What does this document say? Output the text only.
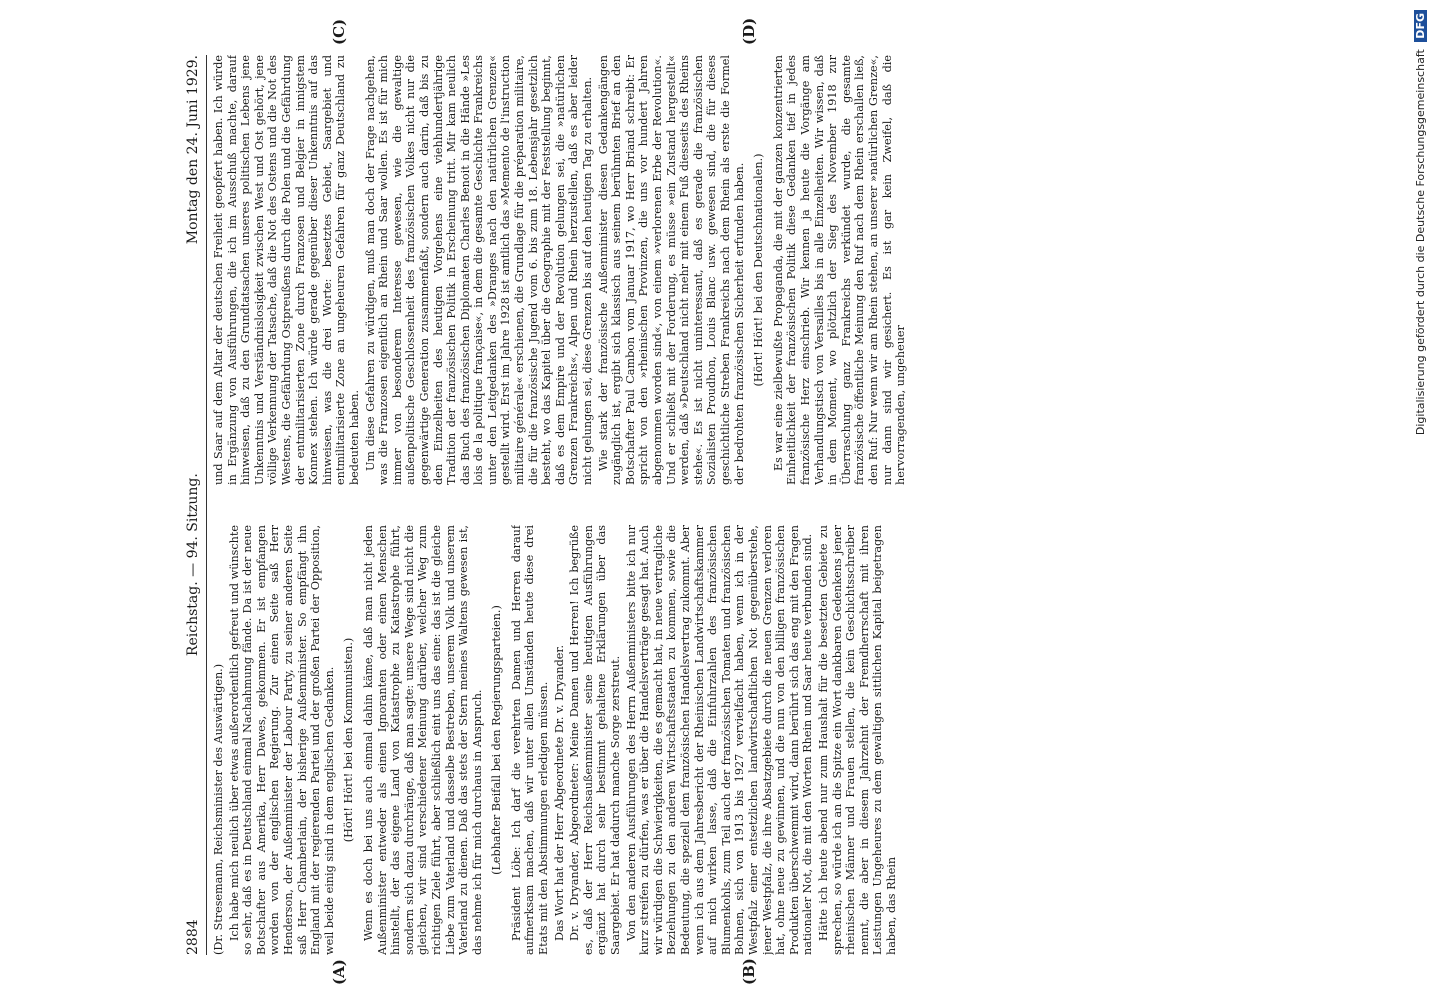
2884
Reichstag. — 94. Sitzung.
Montag den 24. Juni 1929.

(Dr. Stresemann, Reichsminister des Auswärtigen.) Ich habe mich neulich über etwas außerordentlich gefreut und wünschte so sehr, daß es in Deutschland einmal Nachahmung fände. Da ist der neue Botschafter aus Amerika, Herr Dawes, gekommen. Er ist empfangen worden von der englischen Regierung. Zur einen Seite saß Herr Henderson, der Außenminister der Labour Party, zu seiner anderen Seite saß Herr Chamberlain, der bisherige Außenminister. So empfängt ihn England mit der regierenden Partei und der großen Partei der Opposition, weil beide einig sind in dem englischen Gedanken. (Hört! Hört! bei den Kommunisten.) Wenn es doch bei uns auch einmal dahin käme, daß man nicht jeden Außenminister entweder als einen Ignoranten oder einen Menschen hinstellt, der das eigene Land von Katastrophe zu Katastrophe führt, sondern sich dazu durchränge, daß man sagte: unsere Wege sind nicht die gleichen, wir sind verschiedener Meinung darüber, welcher Weg zum richtigen Ziele führt, aber schließlich eint uns das eine: das ist die gleiche Liebe zum Vaterland und dasselbe Bestreben, unserem Volk und unserem Vaterland zu dienen. Daß das stets der Stern meines Waltens gewesen ist, das nehme ich für mich durchaus in Anspruch. (Lebhafter Beifall bei den Regierungsparteien.) Präsident Löbe: Ich darf die verehrten Damen und Herren darauf aufmerksam machen, daß wir unter allen Umständen heute diese drei Etats mit den Abstimmungen erledigen müssen. Das Wort hat der Herr Abgeordnete Dr. v. Dryander. Dr. v. Dryander, Abgeordneter: Meine Damen und Herren! Ich begrüße es, daß der Herr Reichsaußenminister seine heutigen Ausführungen ergänzt hat durch sehr bestimmt gehaltene Erklärungen über das Saargebiet. Er hat dadurch manche Sorge zerstreut. Von den anderen Ausführungen des Herrn Außenministers bitte ich nur kurz streifen zu dürfen, was er über die Handelsverträge gesagt hat. Auch wir würdigen die Schwierigkeiten, die es gemacht hat, in neue vertragliche Beziehungen zu den anderen Wirtschaftsstaaten zu kommen, sowie die Bedeutung, die speziell dem französischen Handelsvertrag zukommt. Aber wenn ich aus dem Jahresbericht der Rheinischen Landwirtschaftskammer auf mich wirken lasse, daß die Einfuhrzahlen des französischen Blumenkohls, zum Teil auch der französischen Tomaten und französischen Bohnen, sich von 1913 bis 1927 vervielfacht haben, wenn ich in der Westpfalz einer entsetzlichen landwirtschaftlichen Not gegenüberstehe, jener Westpfalz, die ihre Absatzgebiete durch die neuen Grenzen verloren hat, ohne neue zu gewinnen, und die nun von den billigen französischen Produkten überschwemmt wird, dann berührt sich das eng mit den Fragen nationaler Not, die mit den Worten Rhein und Saar heute verbunden sind. Hätte ich heute abend nur zum Haushalt für die besetzten Gebiete zu sprechen, so würde ich an die Spitze ein Wort dankbaren Gedenkens jener rheinischen Männer und Frauen stellen, die kein Geschichtsschreiber nennt, die aber in diesem Jahrzehnt der Fremdherrschaft mit ihren Leistungen Ungeheures zu dem gewaltigen sittlichen Kapital beigetragen haben, das Rhein

und Saar auf dem Altar der deutschen Freiheit geopfert haben. Ich würde in Ergänzung von Ausführungen, die ich im Ausschuß machte, darauf hinweisen, daß zu den Grundtatsachen unseres politischen Lebens jene Unkenntnis und Verständnislosigkeit zwischen West und Ost gehört, jene völlige Verkennung der Tatsache, daß die Not des Ostens und die Not des Westens, die Gefährdung Ostpreußens durch die Polen und die Gefährdung der entmilitarisierten Zone durch Franzosen und Belgier in innigstem Konnex stehen. Ich würde gerade gegenüber dieser Unkenntnis auf das hinweisen, was die drei Worte: besetztes Gebiet, Saargebiet und entmilitarisierte Zone an ungeheuren Gefahren für ganz Deutschland zu bedeuten haben. Um diese Gefahren zu würdigen, muß man doch der Frage nachgehen, was die Franzosen eigentlich an Rhein und Saar wollen. Es ist für mich immer von besonderem Interesse gewesen, wie die gewaltige außenpolitische Geschlossenheit des französischen Volkes nicht nur die gegenwärtige Generation zusammenfaßt, sondern auch darin, daß bis zu den Einzelheiten des heutigen Vorgehens eine viehhundertjährige Tradition der französischen Politik in Erscheinung tritt. Mir kam neulich das Buch des französischen Diplomaten Charles Benoit in die Hände »Les lois de la politique française«, in dem die gesamte Geschichte Frankreichs unter den Leitgedanken des »Dranges nach den natürlichen Grenzen« gestellt wird. Erst im Jahre 1928 ist amtlich das »Memento de l'instruction militaire générale« erschienen, die Grundlage für die préparation militaire, die für die französische Jugend vom 6. bis zum 18. Lebensjahr gesetzlich besteht, wo das Kapitel über die Geographie mit der Feststellung beginnt, daß es dem Empire und der Revolution gelungen sei, die »natürlichen Grenzen Frankreichs«, Alpen und Rhein herzustellen, daß es aber leider nicht gelungen sei, diese Grenzen bis auf den heutigen Tag zu erhalten. Wie stark der französische Außenminister diesen Gedankengängen zugänglich ist, ergibt sich klassisch aus seinem berühmten Brief an den Botschafter Paul Cambon vom Januar 1917, wo Herr Briand schreibt: Er spricht von den »rheinischen Provinzen, die uns vor hundert Jahren abgenommen worden sind«, von einem »verlorenen Erbe der Revolution«. Und er schließt mit der Forderung, es müsse »ein Zustand hergestellt« werden, daß »Deutschland nicht mehr mit einem Fuß diesseits des Rheins stehe«. Es ist nicht uninteressant, daß es gerade die französischen Sozialisten Proudhon, Louis Blanc usw. gewesen sind, die für dieses geschichtliche Streben Frankreichs nach dem Rhein als erste die Formel der bedrohten französischen Sicherheit erfunden haben. (Hört! Hört! bei den Deutschnationalen.) Es war eine zielbewußte Propaganda, die mit der ganzen konzentrierten Einheitlichkeit der französischen Politik diese Gedanken tief in jedes französische Herz einschrieb. Wir kennen ja heute die Vorgänge am Verhandlungstisch von Versailles bis in alle Einzelheiten. Wir wissen, daß in dem Moment, wo plötzlich der Sieg des November 1918 zur Überraschung ganz Frankreichs verkündet wurde, die gesamte französische öffentliche Meinung den Ruf nach dem Rhein erschallen ließ, den Ruf: Nur wenn wir am Rhein stehen, an unserer »natürlichen Grenze«, nur dann sind wir gesichert. Es ist gar kein Zweifel, daß die hervorragenden, ungeheuer

(A)	(B)
(C)	(D)
Digitalisierung gefördert durch die Deutsche Forschungsgemeinschaft DFG
